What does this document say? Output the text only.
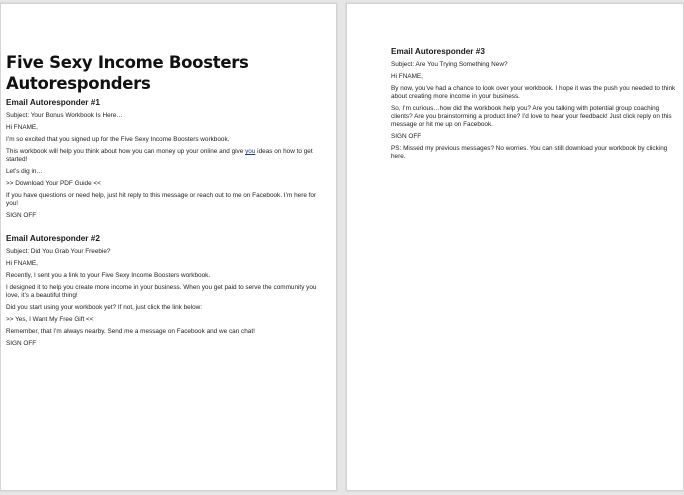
Five Sexy Income Boosters
Autoresponders
Email Autoresponder #1
Subject: Your Bonus Workbook Is Here…
Hi FNAME,
I’m so excited that you signed up for the Five Sexy Income Boosters workbook.
This workbook will help you think about how you can money up your online and give you ideas on how to get started!
Let’s dig in…
>> Download Your PDF Guide <<
If you have questions or need help, just hit reply to this message or reach out to me on Facebook. I’m here for you!
SIGN OFF
Email Autoresponder #2
Subject: Did You Grab Your Freebie?
Hi FNAME,
Recently, I sent you a link to your Five Sexy Income Boosters workbook.
I designed it to help you create more income in your business. When you get paid to serve the community you love, it’s a beautiful thing!
Did you start using your workbook yet? If not, just click the link below:
>> Yes, I Want My Free Gift <<
Remember, that I’m always nearby. Send me a message on Facebook and we can chat!
SIGN OFF
Email Autoresponder #3
Subject: Are You Trying Something New?
Hi FNAME,
By now, you’ve had a chance to look over your workbook. I hope it was the push you needed to think about creating more income in your business.
So, I’m curious…how did the workbook help you? Are you talking with potential group coaching clients? Are you brainstorming a product line? I’d love to hear your feedback! Just click reply on this message or hit me up on Facebook.
SIGN OFF
PS: Missed my previous messages? No worries. You can still download your workbook by clicking here.
